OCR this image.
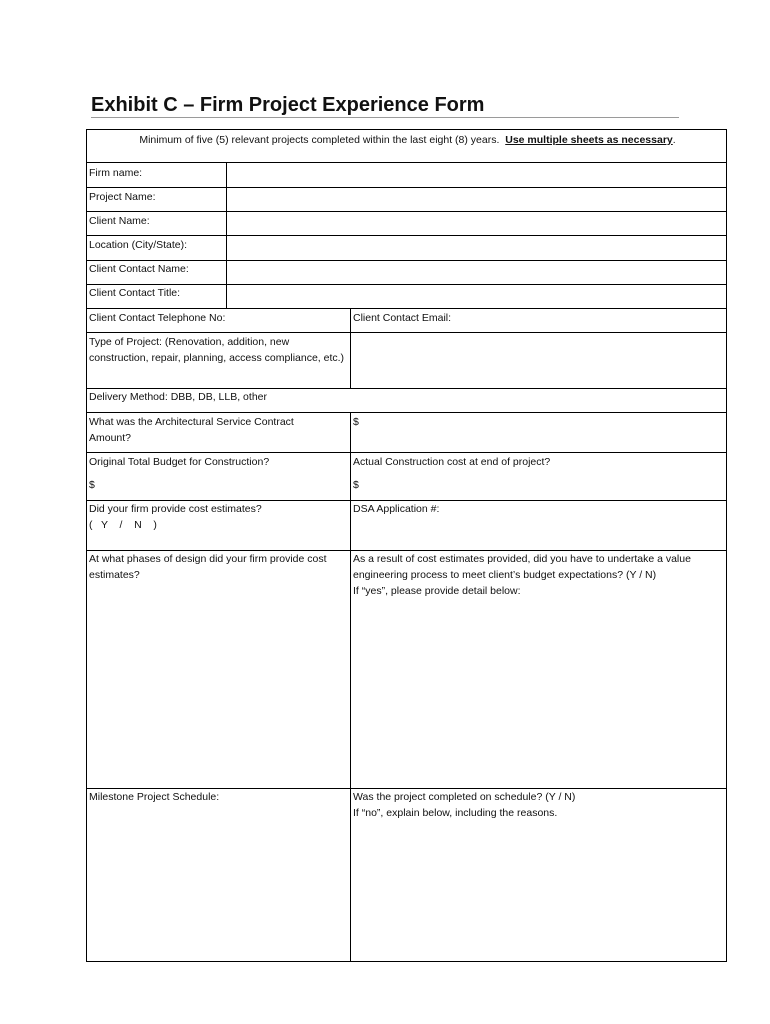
Exhibit C – Firm Project Experience Form
Minimum of five (5) relevant projects completed within the last eight (8) years. Use multiple sheets as necessary.
Firm name:
Project Name:
Client Name:
Location (City/State):
Client Contact Name:
Client Contact Title:
Client Contact Telephone No:	Client Contact Email:
Type of Project: (Renovation, addition, new construction, repair, planning, access compliance, etc.)
Delivery Method: DBB, DB, LLB, other
What was the Architectural Service Contract Amount?
$
Original Total Budget for Construction?
$
Actual Construction cost at end of project?
$
Did your firm provide cost estimates?
(   Y    /    N    )
DSA Application #:
At what phases of design did your firm provide cost estimates?
As a result of cost estimates provided, did you have to undertake a value engineering process to meet client’s budget expectations? (Y / N)
If “yes”, please provide detail below:
Milestone Project Schedule:	Was the project completed on schedule? (Y / N)
If “no”, explain below, including the reasons.
